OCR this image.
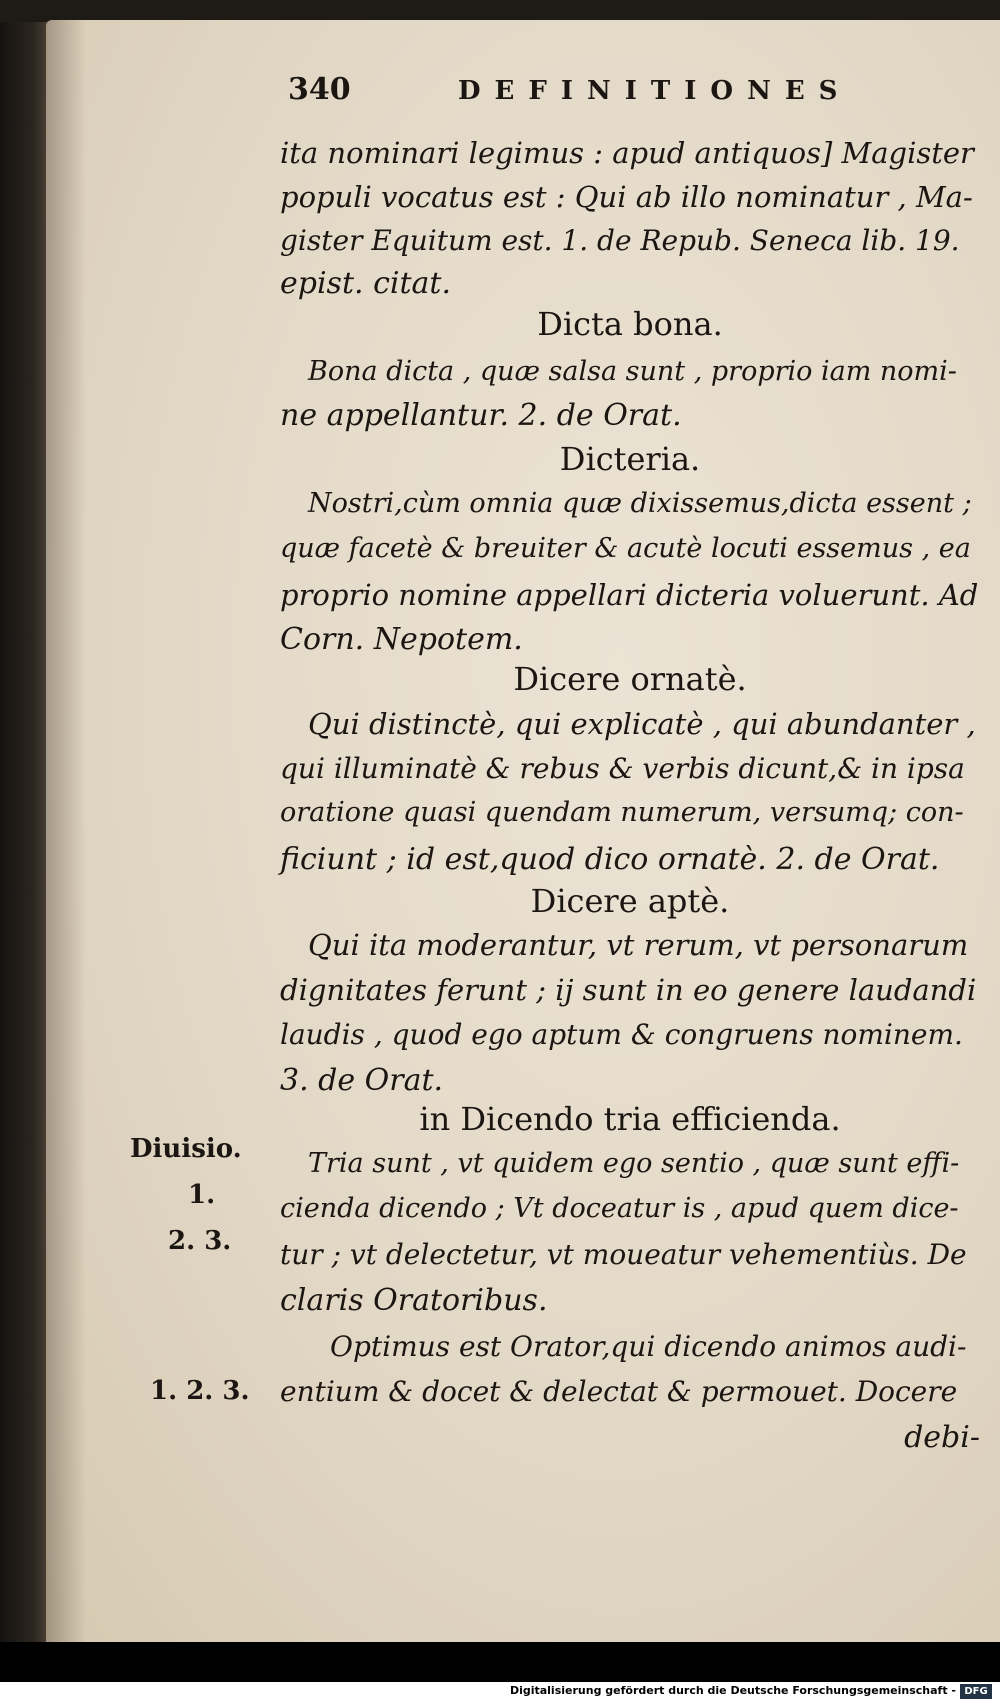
340	DEFINITIONES
ita nominari legimus : apud antiquos] Magister
populi vocatus est : Qui ab illo nominatur , Ma-
gister Equitum est. 1. de Repub. Seneca lib. 19.
epist. citat.
Dicta bona.
Bona dicta , quæ salsa sunt , proprio iam nomi-
ne appellantur. 2. de Orat.
Dicteria.
Nostri,cùm omnia quæ dixissemus,dicta essent ;
quæ facetè & breuiter & acutè locuti essemus , ea
proprio nomine appellari dicteria voluerunt. Ad
Corn. Nepotem.
Dicere ornatè.
Qui distinctè, qui explicatè , qui abundanter ,
qui illuminatè & rebus & verbis dicunt,& in ipsa
oratione quasi quendam numerum, versumq; con-
ficiunt ; id est,quod dico ornatè. 2. de Orat.
Dicere aptè.
Qui ita moderantur, vt rerum, vt personarum
dignitates ferunt ; ij sunt in eo genere laudandi
laudis , quod ego aptum & congruens nominem.
3. de Orat.
in Dicendo tria efficienda.
Tria sunt , vt quidem ego sentio , quæ sunt effi-
cienda dicendo ; Vt doceatur is , apud quem dice-
tur ; vt delectetur, vt moueatur vehementiùs. De
claris Oratoribus.
Optimus est Orator,qui dicendo animos audi-
entium & docet & delectat & permouet. Docere
debi-
Diuisio.
1.
2. 3.
1. 2. 3.
Digitalisierung gefördert durch die Deutsche Forschungsgemeinschaft - DFG
